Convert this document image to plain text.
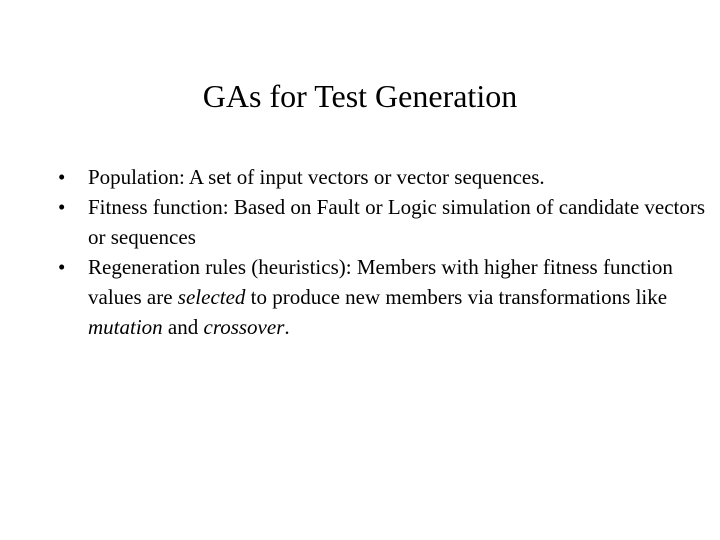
GAs for Test Generation
•	Population: A set of input vectors or vector sequences.
•	Fitness function: Based on Fault or Logic simulation of candidate vectors or sequences
•	Regeneration rules (heuristics): Members with higher fitness function values are selected to produce new members via transformations like mutation and crossover.
